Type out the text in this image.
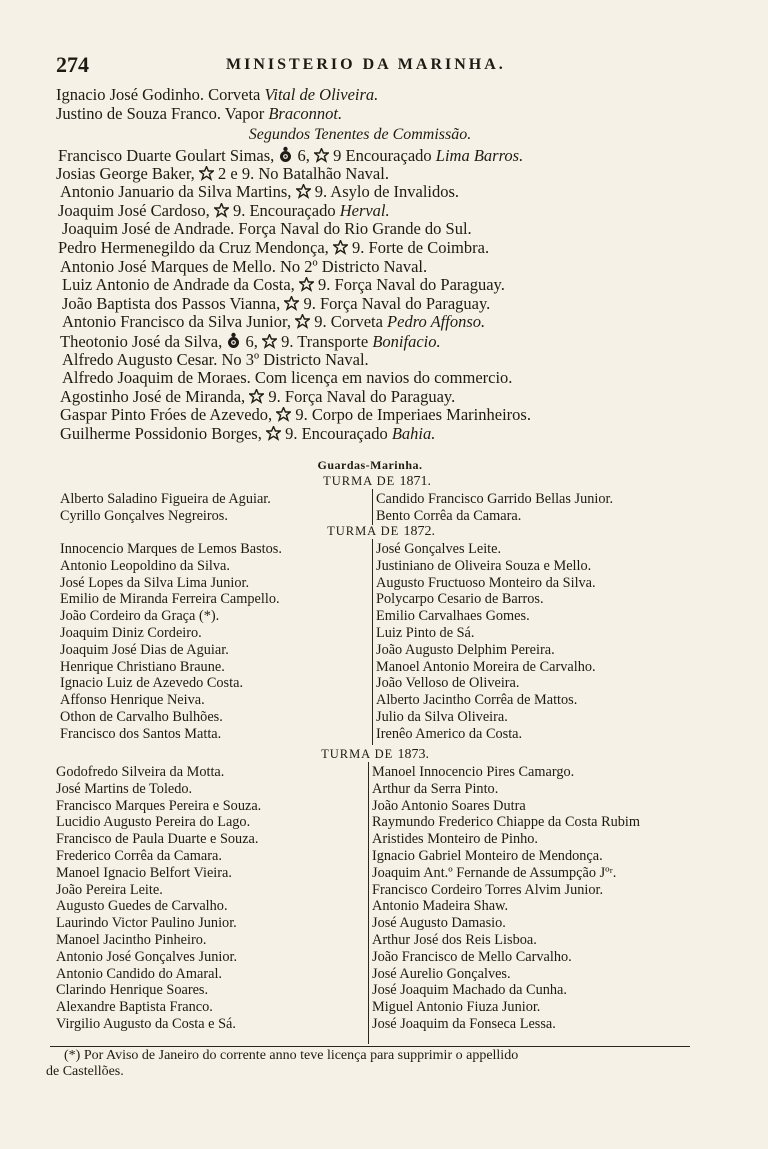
274	MINISTERIO DA MARINHA.
Ignacio José Godinho. Corveta Vital de Oliveira.
Justino de Souza Franco. Vapor Braconnot.
Segundos Tenentes de Commissão.
Francisco Duarte Goulart Simas,  6,  9 Encouraçado Lima Barros.
Josias George Baker,  2 e 9. No Batalhão Naval.
Antonio Januario da Silva Martins,  9. Asylo de Invalidos.
Joaquim José Cardoso,  9. Encouraçado Herval.
Joaquim José de Andrade. Força Naval do Rio Grande do Sul.
Pedro Hermenegildo da Cruz Mendonça,  9. Forte de Coimbra.
Antonio José Marques de Mello. No 2º Districto Naval.
Luiz Antonio de Andrade da Costa,  9. Força Naval do Paraguay.
João Baptista dos Passos Vianna,  9. Força Naval do Paraguay.
Antonio Francisco da Silva Junior,  9. Corveta Pedro Affonso.
Theotonio José da Silva,  6,  9. Transporte Bonifacio.
Alfredo Augusto Cesar. No 3º Districto Naval.
Alfredo Joaquim de Moraes. Com licença em navios do commercio.
Agostinho José de Miranda,  9. Força Naval do Paraguay.
Gaspar Pinto Fróes de Azevedo,  9. Corpo de Imperiaes Marinheiros.
Guilherme Possidonio Borges,  9. Encouraçado Bahia.
Guardas-Marinha.
TURMA DE 1871.
Alberto Saladino Figueira de Aguiar.
Cyrillo Gonçalves Negreiros.
Candido Francisco Garrido Bellas Junior.
Bento Corrêa da Camara.
TURMA DE 1872.
Innocencio Marques de Lemos Bastos.
Antonio Leopoldino da Silva.
José Lopes da Silva Lima Junior.
Emilio de Miranda Ferreira Campello.
João Cordeiro da Graça (*).
Joaquim Diniz Cordeiro.
Joaquim José Dias de Aguiar.
Henrique Christiano Braune.
Ignacio Luiz de Azevedo Costa.
Affonso Henrique Neiva.
Othon de Carvalho Bulhões.
Francisco dos Santos Matta.
José Gonçalves Leite.
Justiniano de Oliveira Souza e Mello.
Augusto Fructuoso Monteiro da Silva.
Polycarpo Cesario de Barros.
Emilio Carvalhaes Gomes.
Luiz Pinto de Sá.
João Augusto Delphim Pereira.
Manoel Antonio Moreira de Carvalho.
João Velloso de Oliveira.
Alberto Jacintho Corrêa de Mattos.
Julio da Silva Oliveira.
Irenêo Americo da Costa.
TURMA DE 1873.
Godofredo Silveira da Motta.
José Martins de Toledo.
Francisco Marques Pereira e Souza.
Lucidio Augusto Pereira do Lago.
Francisco de Paula Duarte e Souza.
Frederico Corrêa da Camara.
Manoel Ignacio Belfort Vieira.
João Pereira Leite.
Augusto Guedes de Carvalho.
Laurindo Victor Paulino Junior.
Manoel Jacintho Pinheiro.
Antonio José Gonçalves Junior.
Antonio Candido do Amaral.
Clarindo Henrique Soares.
Alexandre Baptista Franco.
Virgilio Augusto da Costa e Sá.
Manoel Innocencio Pires Camargo.
Arthur da Serra Pinto.
João Antonio Soares Dutra
Raymundo Frederico Chiappe da Costa Rubim
Aristides Monteiro de Pinho.
Ignacio Gabriel Monteiro de Mendonça.
Joaquim Ant.º Fernande de Assumpção Jºʳ.
Francisco Cordeiro Torres Alvim Junior.
Antonio Madeira Shaw.
José Augusto Damasio.
Arthur José dos Reis Lisboa.
João Francisco de Mello Carvalho.
José Aurelio Gonçalves.
José Joaquim Machado da Cunha.
Miguel Antonio Fiuza Junior.
José Joaquim da Fonseca Lessa.
(*) Por Aviso de Janeiro do corrente anno teve licença para supprimir o appellido
de Castellões.
